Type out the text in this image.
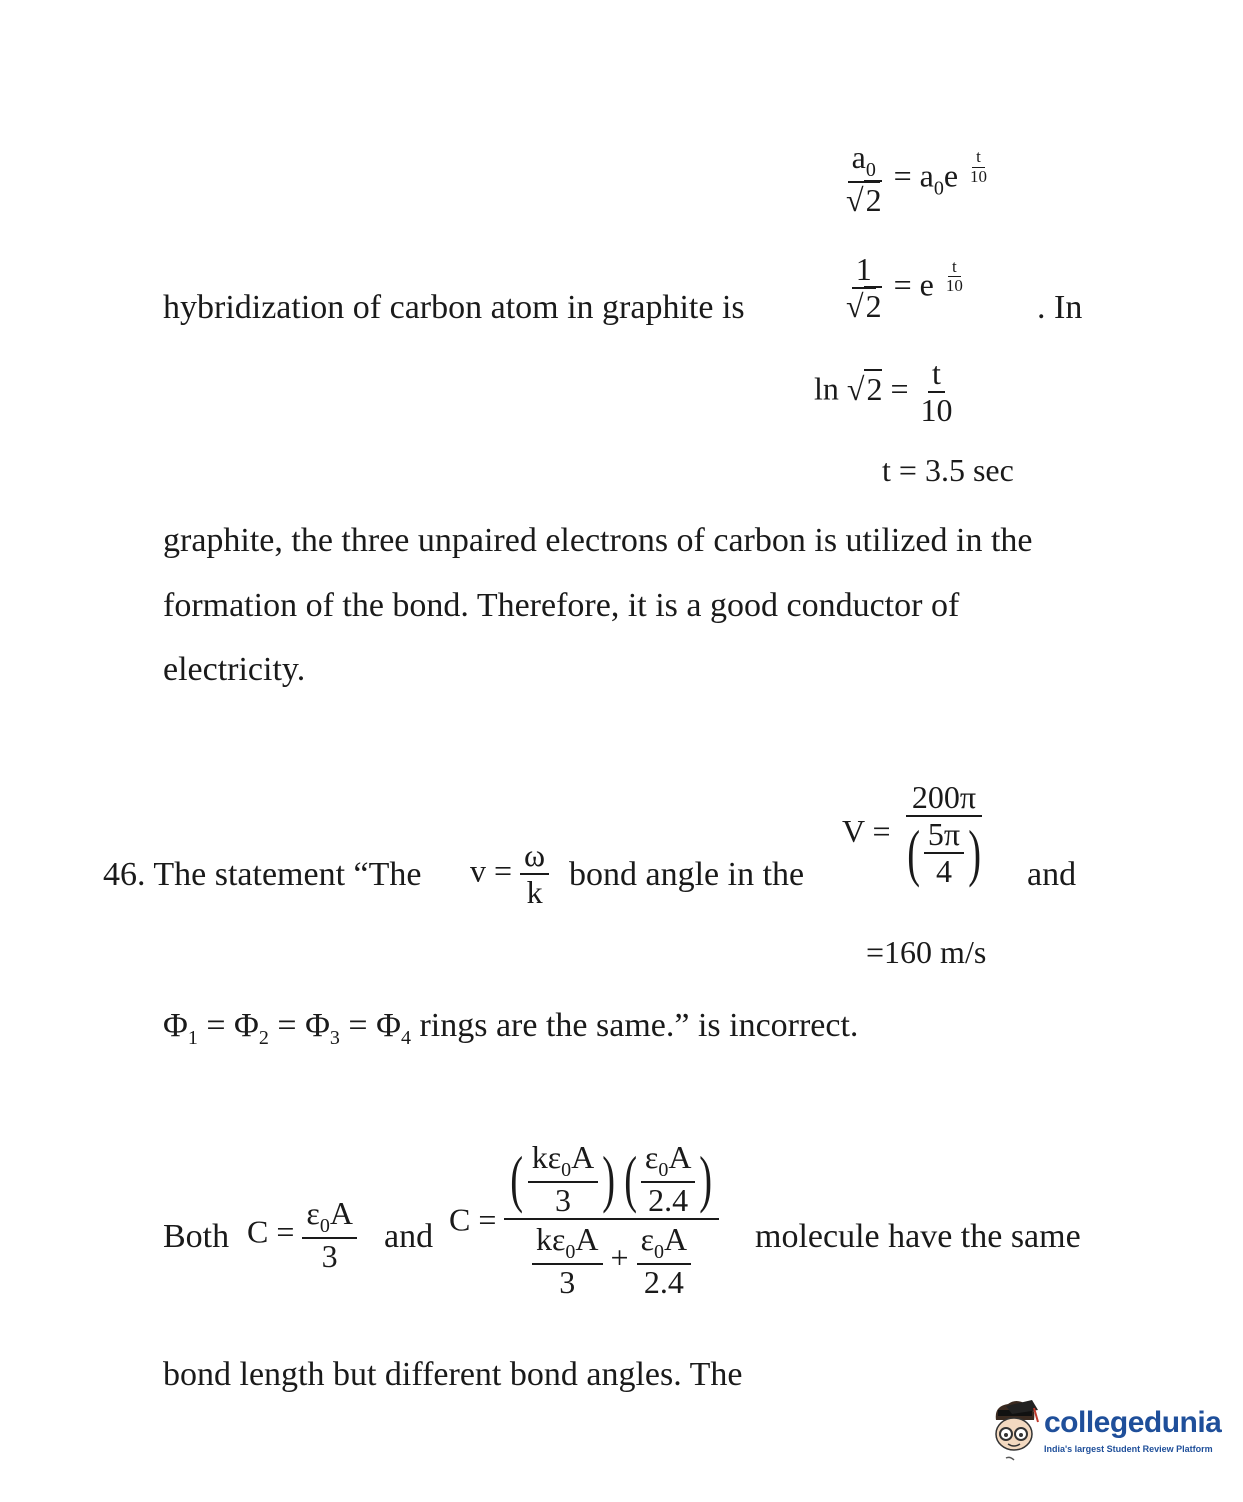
$\frac{a_0}{√2} = a_0e \frac{t}{10}$
$\frac{1}{√2} = e \frac{t}{10}$
hybridization of carbon atom in graphite is	. In
$\ln √2 = \frac{t}{10}$
t = 3.5 sec
graphite, the three unpaired electrons of carbon is utilized in the
formation of the bond. Therefore, it is a good conductor of
electricity.
46. The statement “The $v = \frac{\omega}{k}$ bond angle in the
$V = \frac{200\pi}{( \frac{5\pi}{4} )}$ and
=160 m/s
$\Phi_1 = \Phi_2 = \Phi_3 = \Phi_4$ rings are the same.” is incorrect.
Both $C = \frac{\varepsilon_0A}{3}$ and $C = \frac{( \frac{k\varepsilon_0A}{3} ) ( \frac{\varepsilon_0A}{2.4} )}{\frac{k\varepsilon_0A}{3} + \frac{\varepsilon_0A}{2.4}}$ molecule have the same
bond length but different bond angles. The
collegedunia
India's largest Student Review Platform
